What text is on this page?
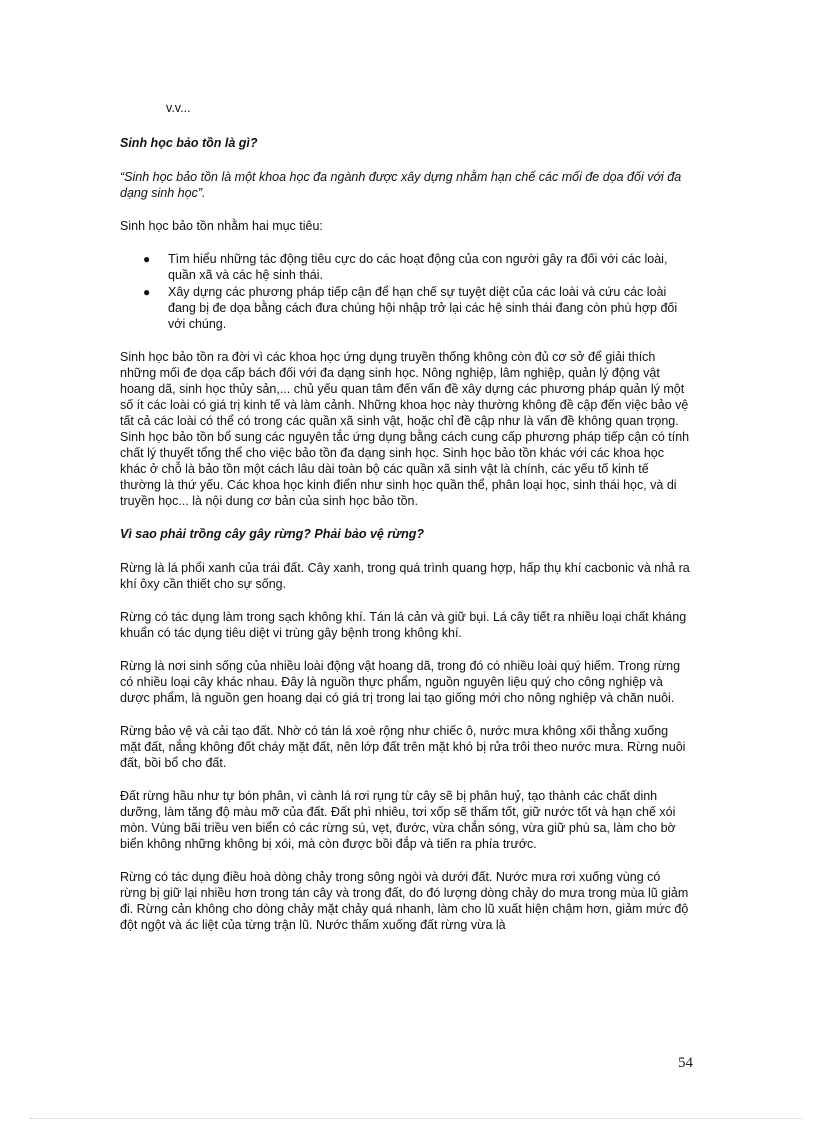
v.v...
Sinh học bảo tồn là gì?

“Sinh học bảo tồn là một khoa học đa ngành được xây dựng nhằm hạn chế các mối đe dọa đối với đa dạng sinh học”.

Sinh học bảo tồn nhằm hai mục tiêu:

● Tìm hiểu những tác động tiêu cực do các hoạt động của con người gây ra đối với các loài, quần xã và các hệ sinh thái.
● Xây dựng các phương pháp tiếp cận để hạn chế sự tuyệt diệt của các loài và cứu các loài đang bị đe dọa bằng cách đưa chúng hội nhập trở lại các hệ sinh thái đang còn phù hợp đối với chúng.

Sinh học bảo tồn ra đời vì các khoa học ứng dụng truyền thống không còn đủ cơ sở để giải thích những mối đe dọa cấp bách đối với đa dạng sinh học. Nông nghiệp, lâm nghiệp, quản lý động vật hoang dã, sinh học thủy sản,... chủ yếu quan tâm đến vấn đề xây dựng các phương pháp quản lý một số ít các loài có giá trị kinh tế và làm cảnh. Những khoa học này thường không đề cập đến việc bảo vệ tất cả các loài có thể có trong các quần xã sinh vật, hoặc chỉ đề cập như là vấn đề không quan trọng. Sinh học bảo tồn bổ sung các nguyên tắc ứng dụng bằng cách cung cấp phương pháp tiếp cận có tính chất lý thuyết tổng thể cho việc bảo tồn đa dạng sinh học. Sinh học bảo tồn khác với các khoa học khác ở chỗ là bảo tồn một cách lâu dài toàn bộ các quần xã sinh vật là chính, các yếu tố kinh tế thường là thứ yếu. Các khoa học kinh điển như sinh học quần thể, phân loại học, sinh thái học, và di truyền học... là nội dung cơ bản của sinh học bảo tồn.

Vì sao phải trồng cây gây rừng? Phải bảo vệ rừng?

Rừng là lá phổi xanh của trái đất. Cây xanh, trong quá trình quang hợp, hấp thụ khí cacbonic và nhả ra khí ôxy cần thiết cho sự sống.

Rừng có tác dụng làm trong sạch không khí. Tán lá cản và giữ bụi. Lá cây tiết ra nhiều loại chất kháng khuẩn có tác dụng tiêu diệt vi trùng gây bệnh trong không khí.

Rừng là nơi sinh sống của nhiều loài động vật hoang dã, trong đó có nhiều loài quý hiếm. Trong rừng có nhiều loại cây khác nhau. Đây là nguồn thực phẩm, nguồn nguyên liệu quý cho công nghiệp và dược phẩm, là nguồn gen hoang dại có giá trị trong lai tạo giống mới cho nông nghiệp và chăn nuôi.

Rừng bảo vệ và cải tạo đất. Nhờ có tán lá xoè rộng như chiếc ô, nước mưa không xối thẳng xuống mặt đất, nắng không đốt cháy mặt đất, nên lớp đất trên mặt khó bị rửa trôi theo nước mưa. Rừng nuôi đất, bồi bổ cho đất.

Đất rừng hầu như tự bón phân, vì cành lá rơi rụng từ cây sẽ bị phân huỷ, tạo thành các chất dinh dưỡng, làm tăng độ màu mỡ của đất. Đất phì nhiêu, tơi xốp sẽ thấm tốt, giữ nước tốt và hạn chế xói mòn. Vùng bãi triều ven biển có các rừng sú, vẹt, đước, vừa chắn sóng, vừa giữ phù sa, làm cho bờ biển không những không bị xói, mà còn được bồi đắp và tiến ra phía trước.

Rừng có tác dụng điều hoà dòng chảy trong sông ngòi và dưới đất. Nước mưa rơi xuống vùng có rừng bị giữ lại nhiều hơn trong tán cây và trong đất, do đó lượng dòng chảy do mưa trong mùa lũ giảm đi. Rừng cản không cho dòng chảy mặt chảy quá nhanh, làm cho lũ xuất hiện chậm hơn, giảm mức độ đột ngột và ác liệt của từng trận lũ. Nước thấm xuống đất rừng vừa là

54
